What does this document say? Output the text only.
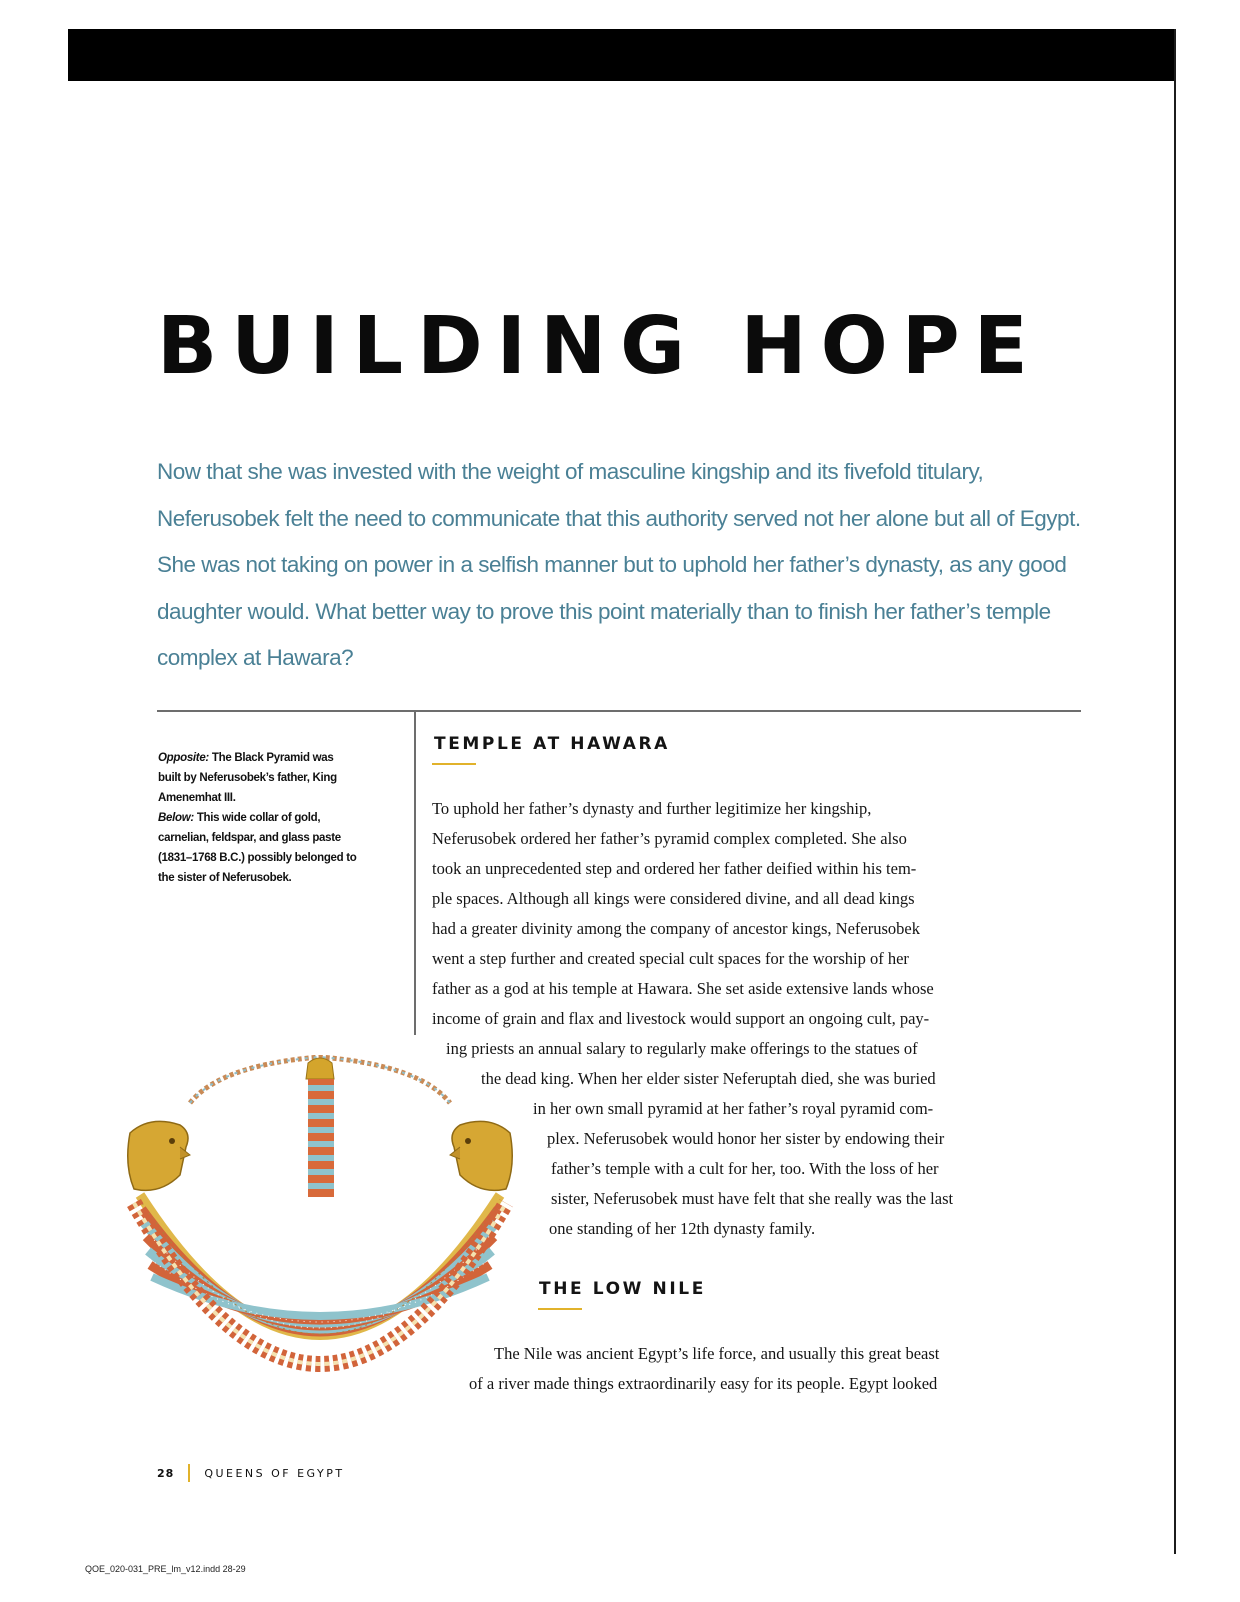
BUILDING HOPE

Now that she was invested with the weight of masculine kingship and its fivefold titulary, Neferusobek felt the need to communicate that this authority served not her alone but all of Egypt. She was not taking on power in a selfish manner but to uphold her father’s dynasty, as any good daughter would. What better way to prove this point materially than to finish her father’s temple complex at Hawara?

Opposite: The Black Pyramid was
built by Neferusobek’s father, King
Amenemhat III.
Below: This wide collar of gold,
carnelian, feldspar, and glass paste
(1831–1768 B.C.) possibly belonged to
the sister of Neferusobek.
TEMPLE AT HAWARA

To uphold her father’s dynasty and further legitimize her kingship,

Neferusobek ordered her father’s pyramid complex completed. She also

took an unprecedented step and ordered her father deified within his tem-

ple spaces. Although all kings were considered divine, and all dead kings

had a greater divinity among the company of ancestor kings, Neferusobek

went a step further and created special cult spaces for the worship of her

father as a god at his temple at Hawara. She set aside extensive lands whose

income of grain and flax and livestock would support an ongoing cult, pay-

ing priests an annual salary to regularly make offerings to the statues of

the dead king. When her elder sister Neferuptah died, she was buried

in her own small pyramid at her father’s royal pyramid com-

plex. Neferusobek would honor her sister by endowing their

father’s temple with a cult for her, too. With the loss of her

sister, Neferusobek must have felt that she really was the last

one standing of her 12th dynasty family.

THE LOW NILE

The Nile was ancient Egypt’s life force, and usually this great beast

of a river made things extraordinarily easy for its people. Egypt looked

28	QUEENS OF EGYPT
QOE_020-031_PRE_lm_v12.indd 28-29
